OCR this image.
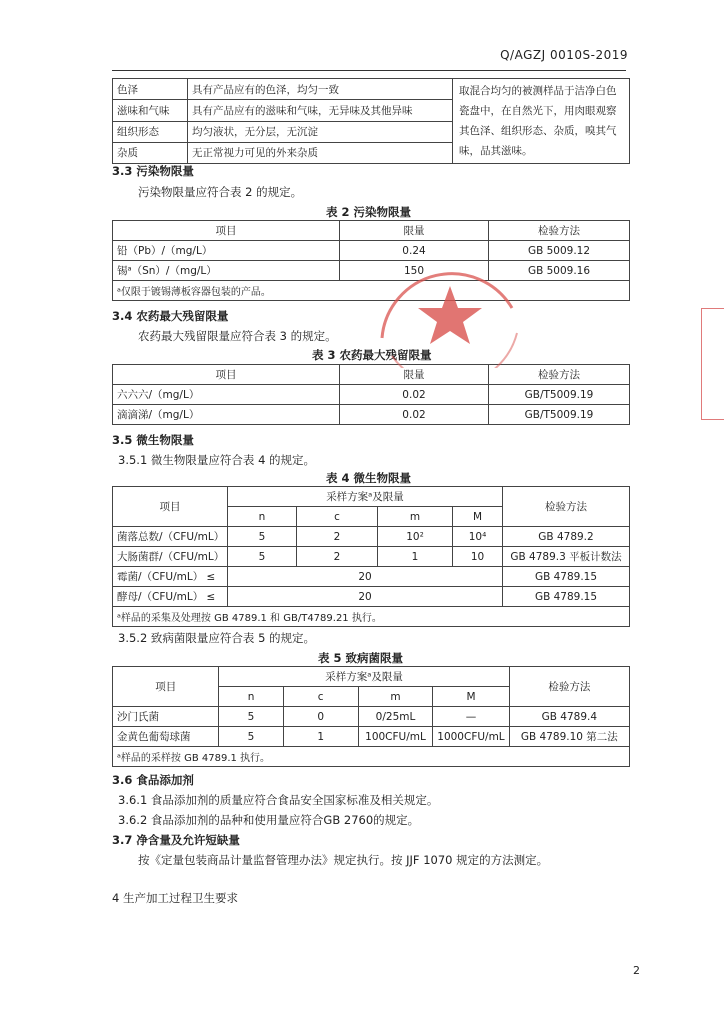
Q/AGZJ 0010S-2019
色泽	具有产品应有的色泽，均匀一致	取混合均匀的被测样品于洁净白色瓷盘中，在自然光下，用肉眼观察其色泽、组织形态、杂质，嗅其气味，品其滋味。
滋味和气味	具有产品应有的滋味和气味，无异味及其他异味	
组织形态	均匀液状，无分层，无沉淀	
杂质	无正常视力可见的外来杂质	
3.3 污染物限量
污染物限量应符合表 2 的规定。
表 2 污染物限量
项目	限量	检验方法
铅（Pb）/（mg/L）	0.24	GB 5009.12
锡ᵃ（Sn）/（mg/L）	150	GB 5009.16
ᵃ仅限于镀锡薄板容器包装的产品。		
3.4 农药最大残留限量
农药最大残留限量应符合表 3 的规定。
表 3 农药最大残留限量
项目	限量	检验方法
六六六/（mg/L）	0.02	GB/T5009.19
滴滴涕/（mg/L）	0.02	GB/T5009.19
3.5 微生物限量
3.5.1 微生物限量应符合表 4 的规定。
表 4 微生物限量
项目	采样方案ᵃ及限量				检验方法
	n	c	m	M	
菌落总数/（CFU/mL）	5	2	10²	10⁴	GB 4789.2
大肠菌群/（CFU/mL）	5	2	1	10	GB 4789.3 平板计数法
霉菌/（CFU/mL） ≤	20				GB 4789.15
酵母/（CFU/mL） ≤	20				GB 4789.15
ᵃ样品的采集及处理按 GB 4789.1 和 GB/T4789.21 执行。					
3.5.2 致病菌限量应符合表 5 的规定。
表 5 致病菌限量
项目	采样方案ᵃ及限量				检验方法
	n	c	m	M	
沙门氏菌	5	0	0/25mL	—	GB 4789.4
金黄色葡萄球菌	5	1	100CFU/mL	1000CFU/mL	GB 4789.10 第二法
ᵃ样品的采样按 GB 4789.1 执行。					
3.6 食品添加剂
3.6.1 食品添加剂的质量应符合食品安全国家标准及相关规定。
3.6.2 食品添加剂的品种和使用量应符合GB 2760的规定。
3.7 净含量及允许短缺量
按《定量包装商品计量监督管理办法》规定执行。按 JJF 1070 规定的方法测定。
4 生产加工过程卫生要求
2
